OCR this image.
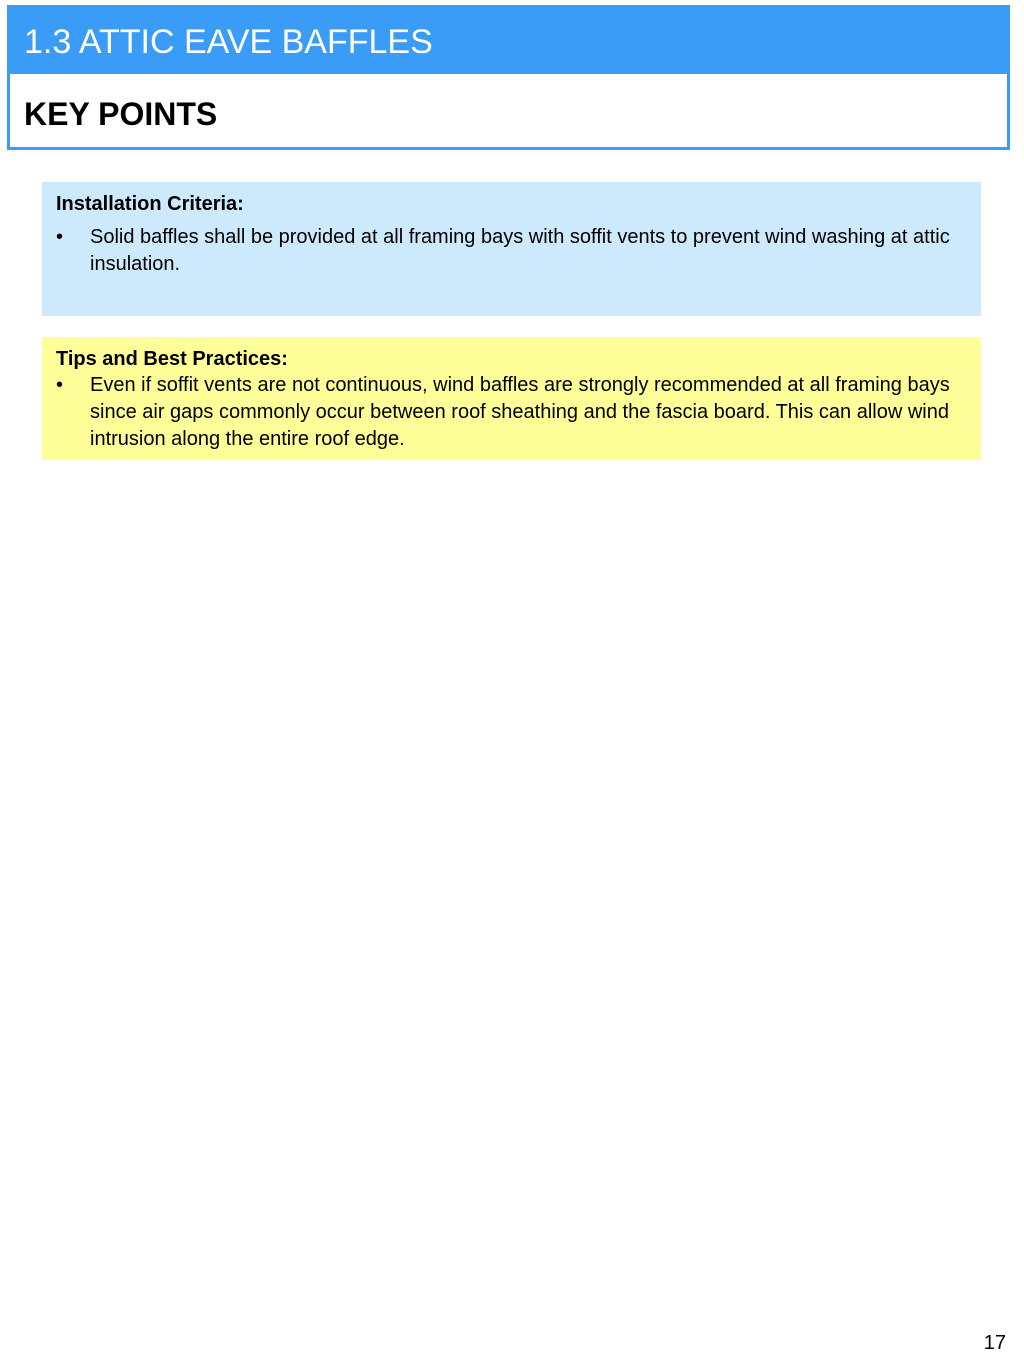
1.3 ATTIC EAVE BAFFLES
KEY POINTS
Installation Criteria:
• Solid baffles shall be provided at all framing bays with soffit vents to prevent wind washing at attic insulation.
Tips and Best Practices:
• Even if soffit vents are not continuous, wind baffles are strongly recommended at all framing bays since air gaps commonly occur between roof sheathing and the fascia board. This can allow wind intrusion along the entire roof edge.
17
